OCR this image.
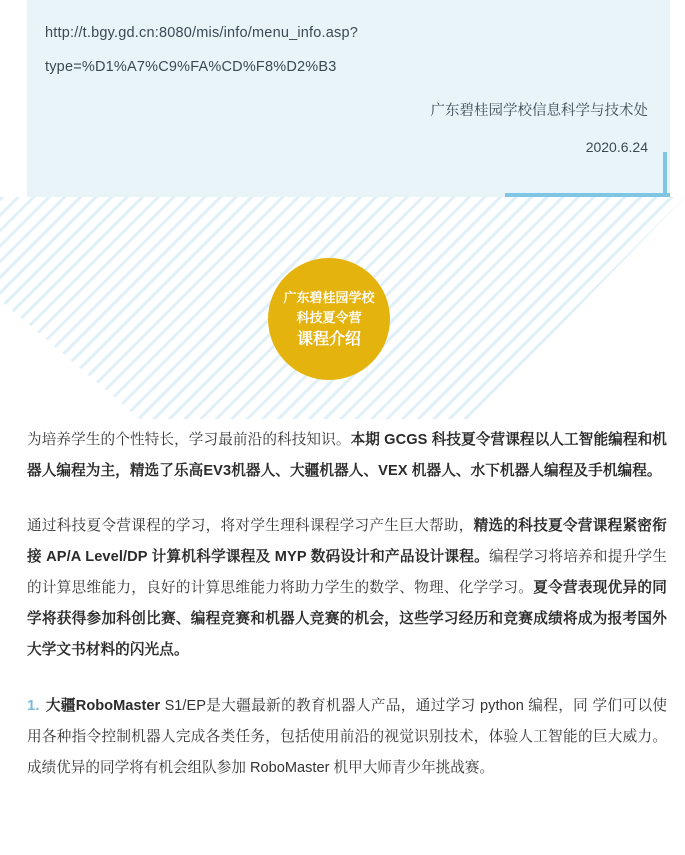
http://t.bgy.gd.cn:8080/mis/info/menu_info.asp?
type=%D1%A7%C9%FA%CD%F8%D2%B3
广东碧桂园学校信息科学与技术处
2020.6.24
广东碧桂园学校
科技夏令营
课程介绍

为培养学生的个性特长，学习最前沿的科技知识。本期 GCGS 科技夏令营课程以人工智能编程和机器人编程为主，精选了乐高EV3机器人、大疆机器人、VEX 机器人、水下机器人编程及手机编程。

通过科技夏令营课程的学习，将对学生理科课程学习产生巨大帮助，精选的科技夏令营课程紧密衔接 AP/A Level/DP 计算机科学课程及 MYP 数码设计和产品设计课程。编程学习将培养和提升学生的计算思维能力，良好的计算思维能力将助力学生的数学、物理、化学学习。夏令营表现优异的同学将获得参加科创比赛、编程竞赛和机器人竞赛的机会，这些学习经历和竞赛成绩将成为报考国外大学文书材料的闪光点。

1. 大疆RoboMaster S1/EP是大疆最新的教育机器人产品，通过学习 python 编程，同 学们可以使用各种指令控制机器人完成各类任务，包括使用前沿的视觉识别技术，体验人工智能的巨大威力。成绩优异的同学将有机会组队参加 RoboMaster 机甲大师青少年挑战赛。
